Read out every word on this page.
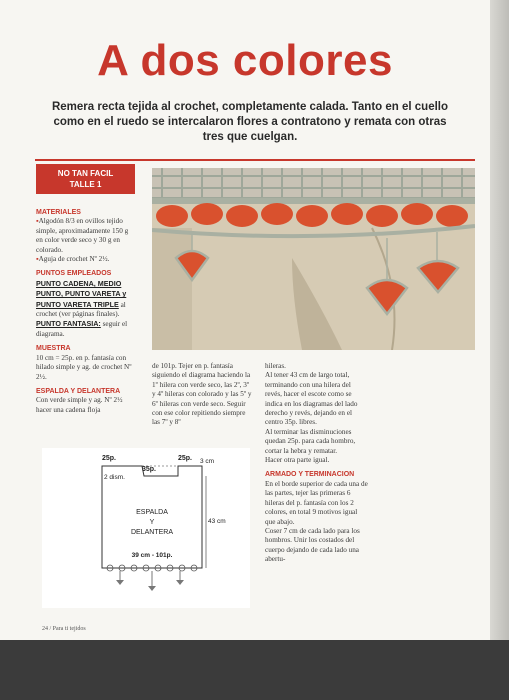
A dos colores
Remera recta tejida al crochet, completamente calada. Tanto en el cuello como en el ruedo se intercalaron flores a contratono y remata con otras tres que cuelgan.
NO TAN FACIL
TALLE 1
MATERIALES

▪ Algodón 8/3 en ovillos tejido simple, aproximadamente 150 g en color verde seco y 30 g en colorado.

▪ Aguja de crochet Nº 2½.

PUNTOS EMPLEADOS

PUNTO CADENA, MEDIO PUNTO, PUNTO VARETA y PUNTO VARETA TRIPLE al crochet (ver páginas finales).

PUNTO FANTASIA: seguir el diagrama.

MUESTRA

10 cm = 25p. en p. fantasía con hilado simple y ag. de crochet Nº 2½.

ESPALDA Y DELANTERA

Con verde simple y ag. Nº 2½ hacer una cadena floja

de 101p. Tejer en p. fantasía siguiendo el diagrama haciendo la 1º hilera con verde seco, las 2º, 3º y 4º hileras con colorado y las 5º y 6º hileras con verde seco. Seguir con ese color repitiendo siempre las 7º y 8º

hileras.

Al tener 43 cm de largo total, terminando con una hilera del revés, hacer el escote como se indica en los diagramas del lado derecho y revés, dejando en el centro 35p. libres.

Al terminar las disminuciones quedan 25p. para cada hombro, cortar la hebra y rematar.

Hacer otra parte igual.

ARMADO Y TERMINACION

En el borde superior de cada una de las partes, tejer las primeras 6 hileras del p. fantasía con los 2 colores, en total 9 motivos igual que abajo.

Coser 7 cm de cada lado para los hombros. Unir los costados del cuerpo dejando de cada lado una abertu-

25p.
35p.
25p. 3 cm
2 dism.
43 cm
ESPALDA
Y
DELANTERA
39 cm - 101p.
24 / Para ti tejidos
